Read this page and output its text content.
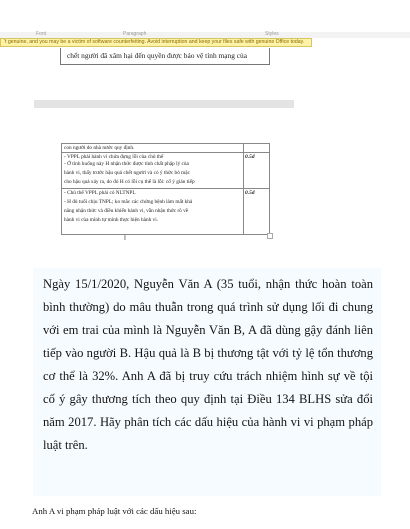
Font	Paragraph	Styles
't genuine, and you may be a victim of software counterfeiting. Avoid interruption and keep your files safe with genuine Office today.
chết người đã xâm hại đến quyền được bảo vệ tính mạng của
con người do nhà nước quy định.
- VPPL phải hành vi chứa đựng lỗi của chủ thể
- Ở tình huống này H nhận thức được tính chất phập lý của
hành vi, thấy trước hậu quả chết người và có ý thức bỏ mặc
cho hậu quả xảy ra, do đó H có lỗi cụ thể là lỗi: cố ý gián tiếp
0.5đ
- Chủ thể VPPL phải có NLTNPL
- H đủ tuổi chịu TNPL; ko mắc các chứng bệnh làm mất khả
năng nhận thức và điều khiển hành vi, vẫn nhận thức rõ về
hành vi của mình tự mình thực hiện hành vi.
0.5đ
I

Ngày 15/1/2020, Nguyễn Văn A (35 tuổi, nhận thức hoàn toàn bình thường) do mâu thuẫn trong quá trình sử dụng lối đi chung với em trai của mình là Nguyễn Văn B, A đã dùng gậy đánh liên tiếp vào người B. Hậu quả là B bị thương tật với tỷ lệ tổn thương cơ thể là 32%. Anh A đã bị truy cứu trách nhiệm hình sự về tội cố ý gây thương tích theo quy định tại Điều 134 BLHS sửa đổi năm 2017. Hãy phân tích các dấu hiệu của hành vi vi phạm pháp luật trên.

Anh A vi phạm pháp luật với các dấu hiệu sau:
